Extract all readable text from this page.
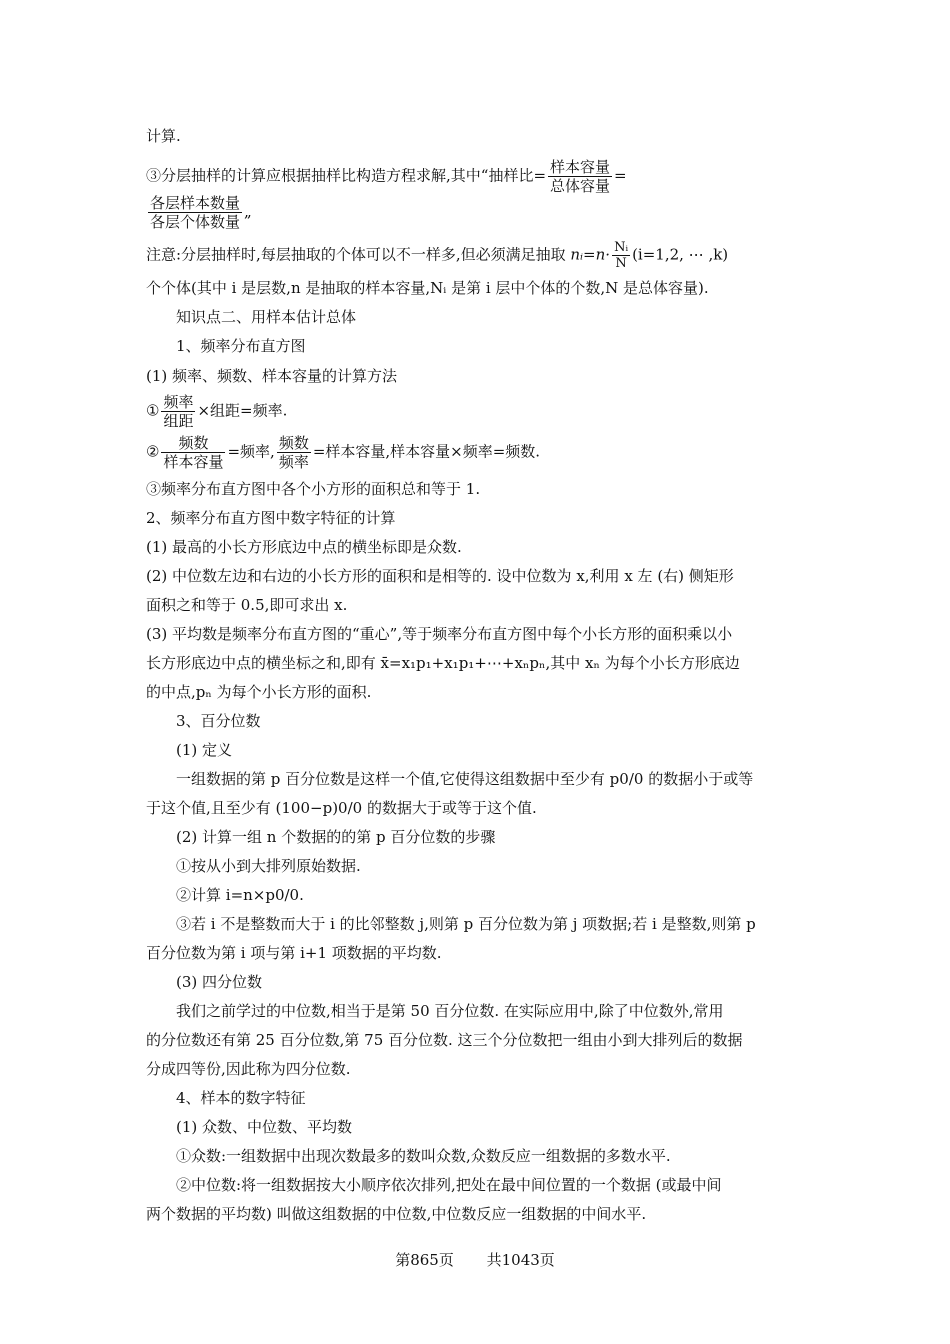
计算.
③分层抽样的计算应根据抽样比构造方程求解,其中“抽样比= $\frac{\text{样本容量}}{\text{总体容量}}$ =
$\frac{\text{各层样本数量}}{\text{各层个体数量}}$ „
注意:分层抽样时,每层抽取的个体可以不一样多,但必须满足抽取 nᵢ=n· $\frac{\text{Nᵢ}}{N} (i=1,2$, ⋯ ,k)
个个体(其中 i 是层数,n 是抽取的样本容量,Nᵢ 是第 i 层中个体的个数,N 是总体容量).
知识点二、用样本估计总体
1、频率分布直方图
(1) 频率、频数、样本容量的计算方法
① $\frac{\text{频率}}{\text{组距}}$ ×组距=频率.
② $\frac{\text{频数}}{\text{样本容量}}$ =频率, $\frac{\text{频数}}{\text{频率}}$ =样本容量,样本容量×频率=频数.
③频率分布直方图中各个小方形的面积总和等于 1.
2、频率分布直方图中数字特征的计算
(1) 最高的小长方形底边中点的横坐标即是众数.
(2) 中位数左边和右边的小长方形的面积和是相等的. 设中位数为 x,利用 x 左 (右) 侧矩形
面积之和等于 0.5,即可求出 x.
(3) 平均数是频率分布直方图的“重心”,等于频率分布直方图中每个小长方形的面积乘以小
长方形底边中点的横坐标之和,即有 x̄=x₁p₁+x₁p₁+⋯+xₙpₙ,其中 xₙ 为每个小长方形底边
的中点,pₙ 为每个小长方形的面积.
3、百分位数
(1) 定义
一组数据的第 p 百分位数是这样一个值,它使得这组数据中至少有 p0/0 的数据小于或等
于这个值,且至少有 (100−p)0/0 的数据大于或等于这个值.
(2) 计算一组 n 个数据的的第 p 百分位数的步骤
①按从小到大排列原始数据.
②计算 i=n×p0/0.
③若 i 不是整数而大于 i 的比邻整数 j,则第 p 百分位数为第 j 项数据;若 i 是整数,则第 p
百分位数为第 i 项与第 i+1 项数据的平均数.
(3) 四分位数
我们之前学过的中位数,相当于是第 50 百分位数. 在实际应用中,除了中位数外,常用
的分位数还有第 25 百分位数,第 75 百分位数. 这三个分位数把一组由小到大排列后的数据
分成四等份,因此称为四分位数.
4、样本的数字特征
(1) 众数、中位数、平均数
①众数:一组数据中出现次数最多的数叫众数,众数反应一组数据的多数水平.
②中位数:将一组数据按大小顺序依次排列,把处在最中间位置的一个数据 (或最中间
两个数据的平均数) 叫做这组数据的中位数,中位数反应一组数据的中间水平.
第865页 共1043页
